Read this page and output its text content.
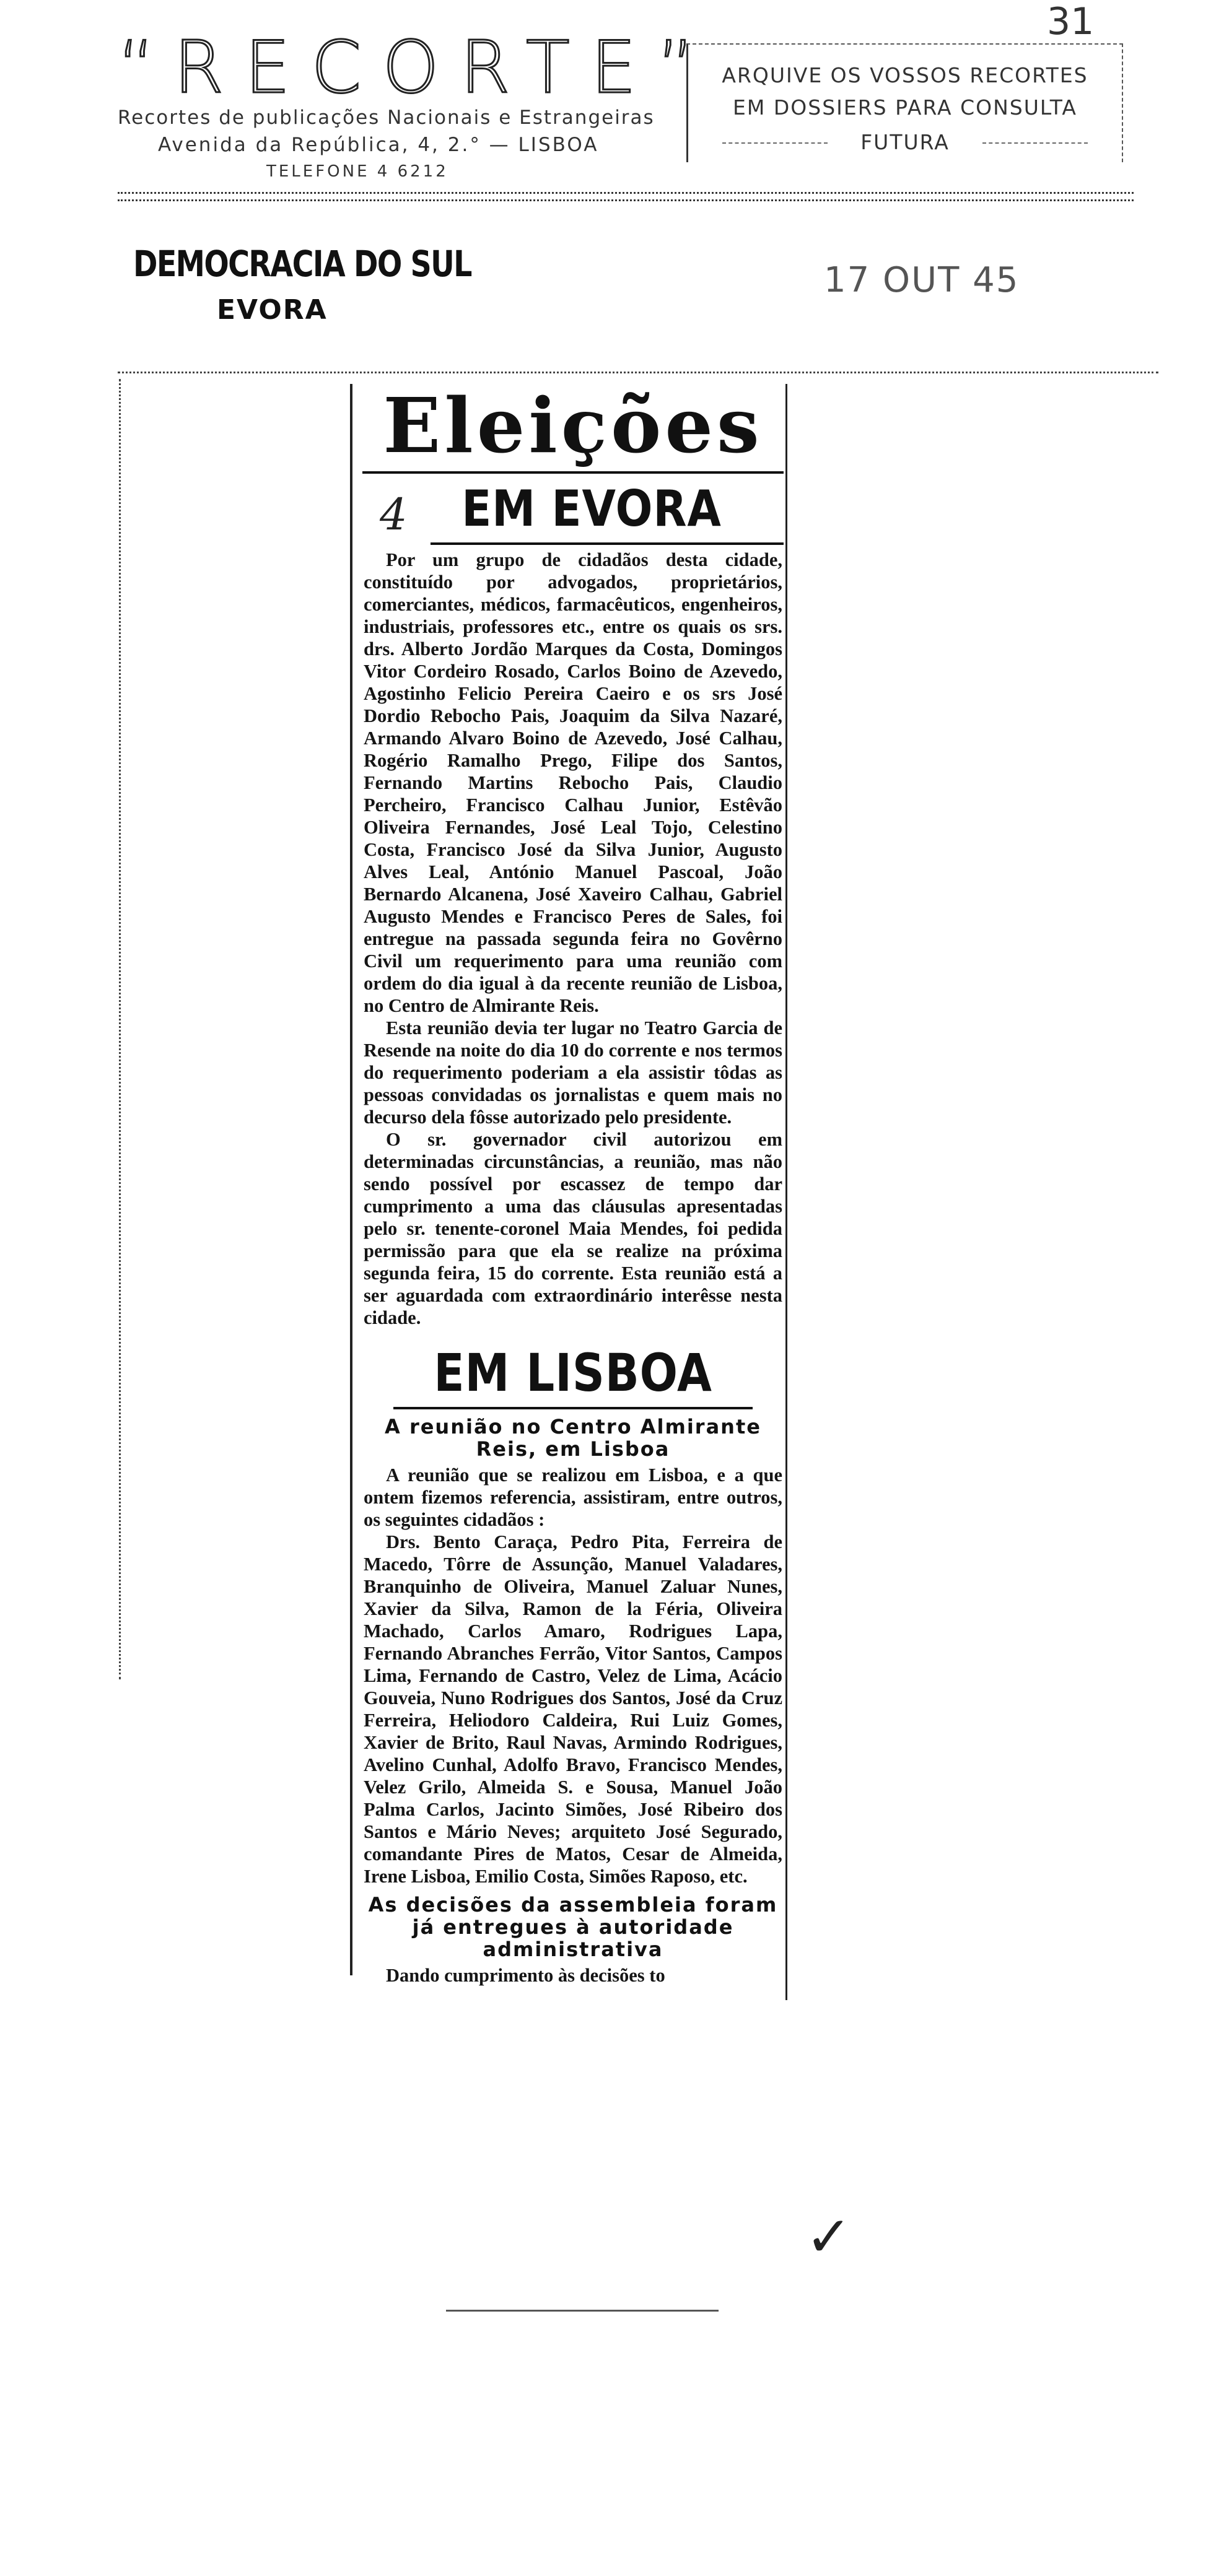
31
“RECORTE”
Recortes de publicações Nacionais e Estrangeiras
Avenida da República, 4, 2.° — LISBOA
TELEFONE 4 6212
ARQUIVE OS VOSSOS RECORTES
EM DOSSIERS PARA CONSULTA
FUTURA
DEMOCRACIA DO SUL
EVORA
17 OUT 45
4
Eleições
EM EVORA

Por um grupo de cidadãos desta cidade, constituído por advogados, proprietários, comerciantes, médicos, farmacêuticos, engenheiros, industriais, professores etc., entre os quais os srs. drs. Alberto Jordão Marques da Costa, Domingos Vitor Cordeiro Rosado, Carlos Boino de Azevedo, Agostinho Felicio Pereira Caeiro e os srs José Dordio Rebocho Pais, Joaquim da Silva Nazaré, Armando Alvaro Boino de Azevedo, José Calhau, Rogério Ramalho Prego, Filipe dos Santos, Fernando Martins Rebocho Pais, Claudio Percheiro, Francisco Calhau Junior, Estêvão Oliveira Fernandes, José Leal Tojo, Celestino Costa, Francisco José da Silva Junior, Augusto Alves Leal, António Manuel Pascoal, João Bernardo Alcanena, José Xaveiro Calhau, Gabriel Augusto Mendes e Francisco Peres de Sales, foi entregue na passada segunda feira no Govêrno Civil um requerimento para uma reunião com ordem do dia igual à da recente reunião de Lisboa, no Centro de Almirante Reis.

Esta reunião devia ter lugar no Teatro Garcia de Resende na noite do dia 10 do corrente e nos termos do requerimento poderiam a ela assistir tôdas as pessoas convidadas os jornalistas e quem mais no decurso dela fôsse autorizado pelo presidente.

O sr. governador civil autorizou em determinadas circunstâncias, a reunião, mas não sendo possível por escassez de tempo dar cumprimento a uma das cláusulas apresentadas pelo sr. tenente-coronel Maia Mendes, foi pedida permissão para que ela se realize na próxima segunda feira, 15 do corrente. Esta reunião está a ser aguardada com extraordinário interêsse nesta cidade.

EM LISBOA
A reunião no Centro Almirante Reis, em Lisboa

A reunião que se realizou em Lisboa, e a que ontem fizemos referencia, assistiram, entre outros, os seguintes cidadãos :

Drs. Bento Caraça, Pedro Pita, Ferreira de Macedo, Tôrre de Assunção, Manuel Valadares, Branquinho de Oliveira, Manuel Zaluar Nunes, Xavier da Silva, Ramon de la Féria, Oliveira Machado, Carlos Amaro, Rodrigues Lapa, Fernando Abranches Ferrão, Vitor Santos, Campos Lima, Fernando de Castro, Velez de Lima, Acácio Gouveia, Nuno Rodrigues dos Santos, José da Cruz Ferreira, Heliodoro Caldeira, Rui Luiz Gomes, Xavier de Brito, Raul Navas, Armindo Rodrigues, Avelino Cunhal, Adolfo Bravo, Francisco Mendes, Velez Grilo, Almeida S. e Sousa, Manuel João Palma Carlos, Jacinto Simões, José Ribeiro dos Santos e Mário Neves; arquiteto José Segurado, comandante Pires de Matos, Cesar de Almeida, Irene Lisboa, Emilio Costa, Simões Raposo, etc.

As decisões da assembleia foram já entregues à autoridade administrativa

Dando cumprimento às decisões to

✓
